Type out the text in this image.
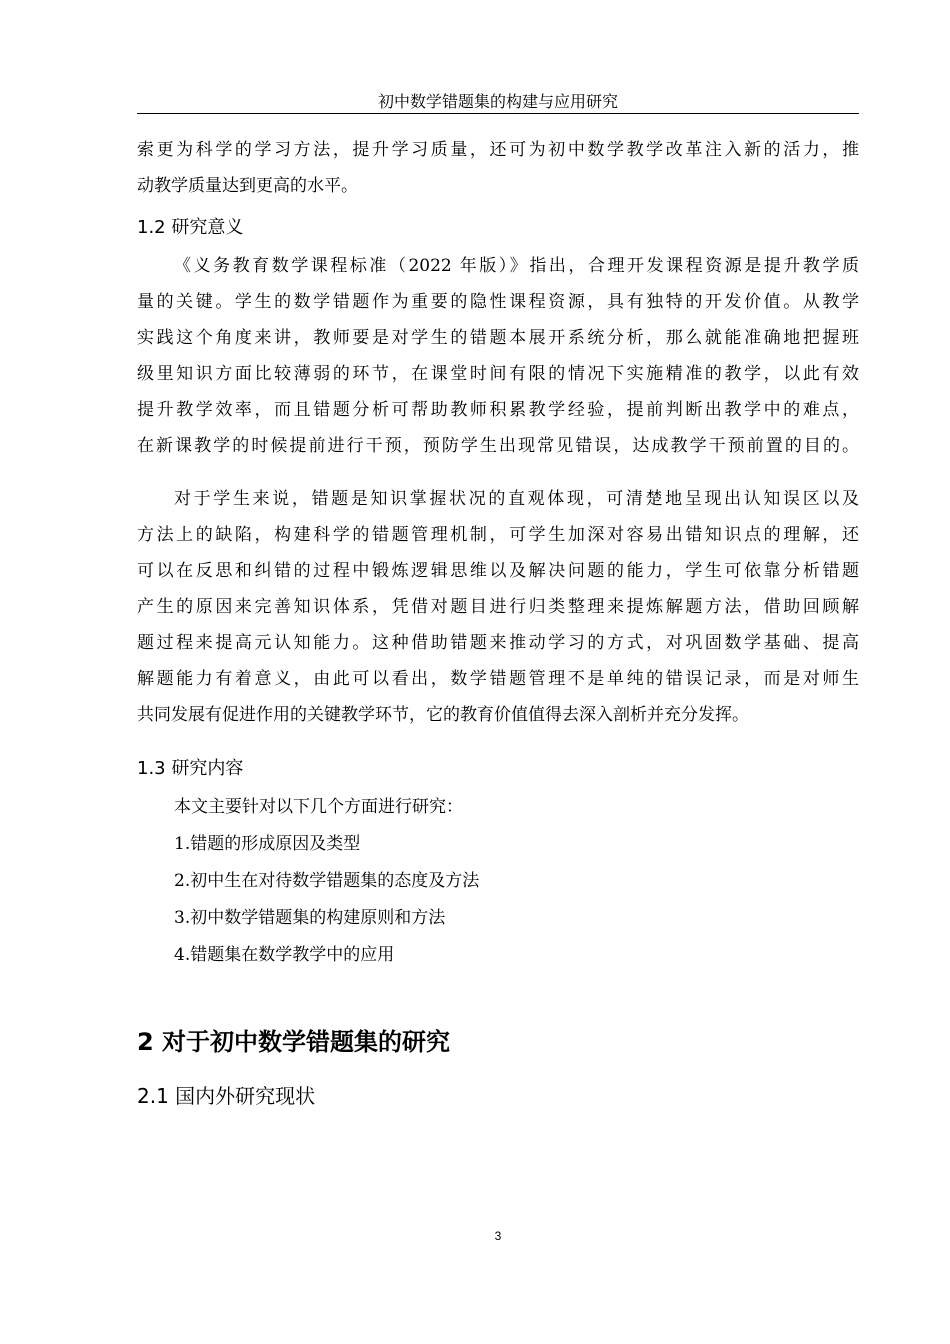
初中数学错题集的构建与应用研究
索更为科学的学习方法，提升学习质量，还可为初中数学教学改革注入新的活力，推
动教学质量达到更高的水平。
1.2 研究意义
《义务教育数学课程标准（2022 年版）》指出，合理开发课程资源是提升教学质
量的关键。学生的数学错题作为重要的隐性课程资源，具有独特的开发价值。从教学
实践这个角度来讲，教师要是对学生的错题本展开系统分析，那么就能准确地把握班
级里知识方面比较薄弱的环节，在课堂时间有限的情况下实施精准的教学，以此有效
提升教学效率，而且错题分析可帮助教师积累教学经验，提前判断出教学中的难点，
在新课教学的时候提前进行干预，预防学生出现常见错误，达成教学干预前置的目的。
对于学生来说，错题是知识掌握状况的直观体现，可清楚地呈现出认知误区以及
方法上的缺陷，构建科学的错题管理机制，可学生加深对容易出错知识点的理解，还
可以在反思和纠错的过程中锻炼逻辑思维以及解决问题的能力，学生可依靠分析错题
产生的原因来完善知识体系，凭借对题目进行归类整理来提炼解题方法，借助回顾解
题过程来提高元认知能力。这种借助错题来推动学习的方式，对巩固数学基础、提高
解题能力有着意义，由此可以看出，数学错题管理不是单纯的错误记录，而是对师生
共同发展有促进作用的关键教学环节，它的教育价值值得去深入剖析并充分发挥。
1.3 研究内容
本文主要针对以下几个方面进行研究：
1.错题的形成原因及类型
2.初中生在对待数学错题集的态度及方法
3.初中数学错题集的构建原则和方法
4.错题集在数学教学中的应用
2 对于初中数学错题集的研究
2.1 国内外研究现状
3
